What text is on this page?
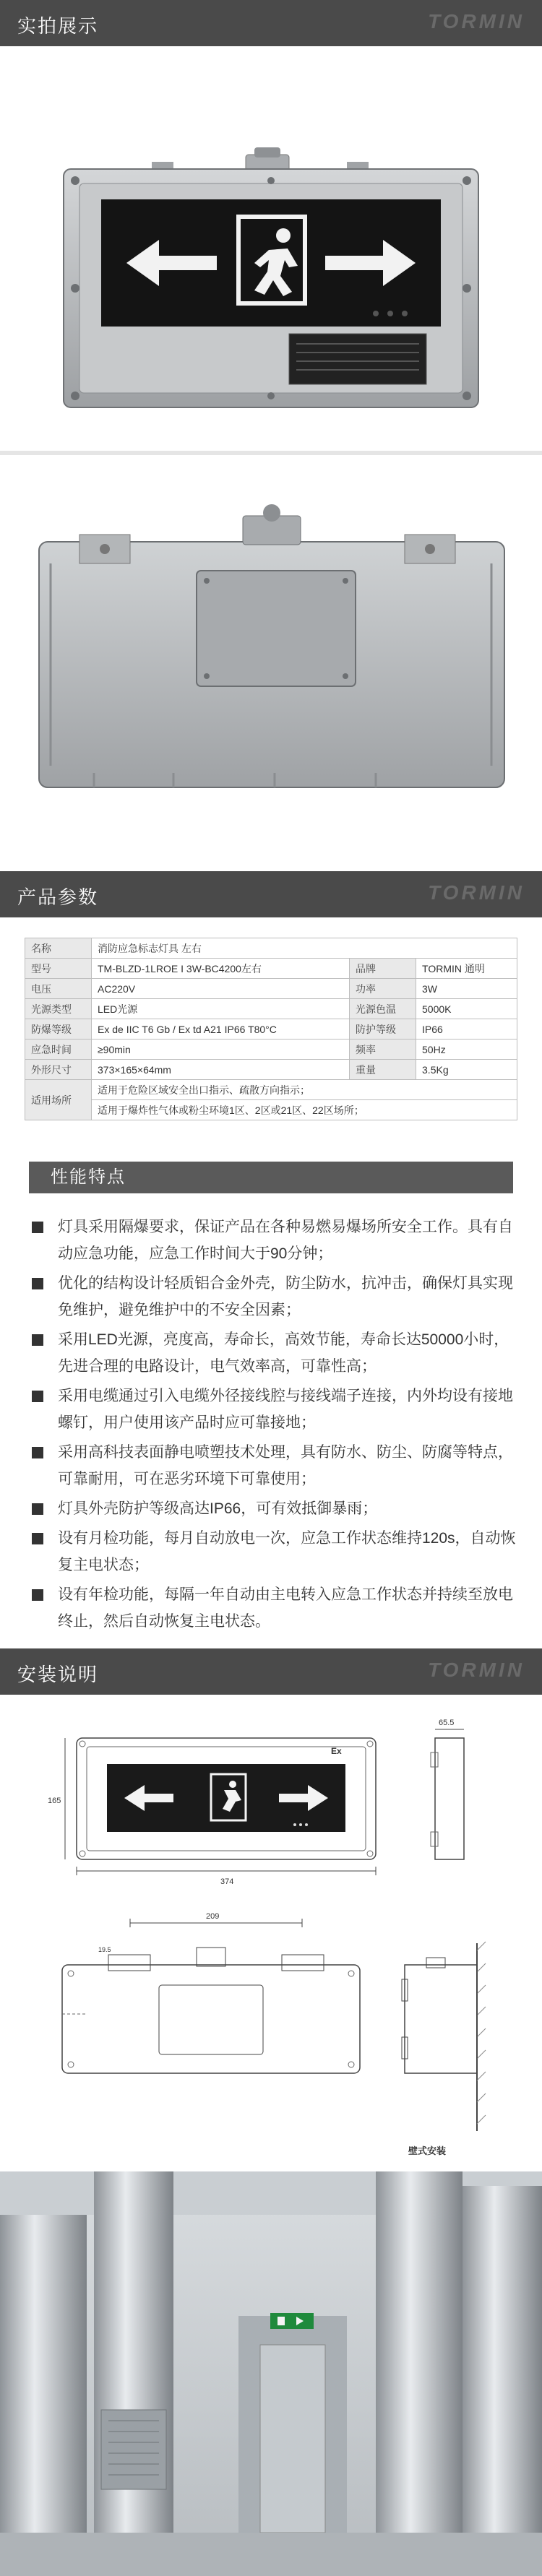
实拍展示	TORMIN
产品参数	TORMIN
名称	消防应急标志灯具 左右		
型号	TM-BLZD-1LROE I 3W-BC4200左右	品牌	TORMIN 通明
电压	AC220V	功率	3W
光源类型	LED光源	光源色温	5000K
防爆等级	Ex de IIC T6 Gb / Ex td A21 IP66 T80°C	防护等级	IP66
应急时间	≥90min	频率	50Hz
外形尺寸	373×165×64mm	重量	3.5Kg
适用场所	适用于危险区域安全出口指示、疏散方向指示；		
	适用于爆炸性气体或粉尘环境1区、2区或21区、22区场所；		
性能特点
灯具采用隔爆要求，保证产品在各种易燃易爆场所安全工作。具有自动应急功能，应急工作时间大于90分钟；
优化的结构设计轻质铝合金外壳，防尘防水，抗冲击，确保灯具实现免维护，避免维护中的不安全因素；
采用LED光源，亮度高，寿命长，高效节能，寿命长达50000小时，先进合理的电路设计，电气效率高，可靠性高；
采用电缆通过引入电缆外径接线腔与接线端子连接，内外均设有接地螺钉，用户使用该产品时应可靠接地；
采用高科技表面静电喷塑技术处理，具有防水、防尘、防腐等特点，可靠耐用，可在恶劣环境下可靠使用；
灯具外壳防护等级高达IP66，可有效抵御暴雨；
设有月检功能，每月自动放电一次，应急工作状态维持120s，自动恢复主电状态；
设有年检功能，每隔一年自动由主电转入应急工作状态并持续至放电终止，然后自动恢复主电状态。
安装说明	TORMIN
Ex
374
165
65.5
209
19.5
壁式安装
